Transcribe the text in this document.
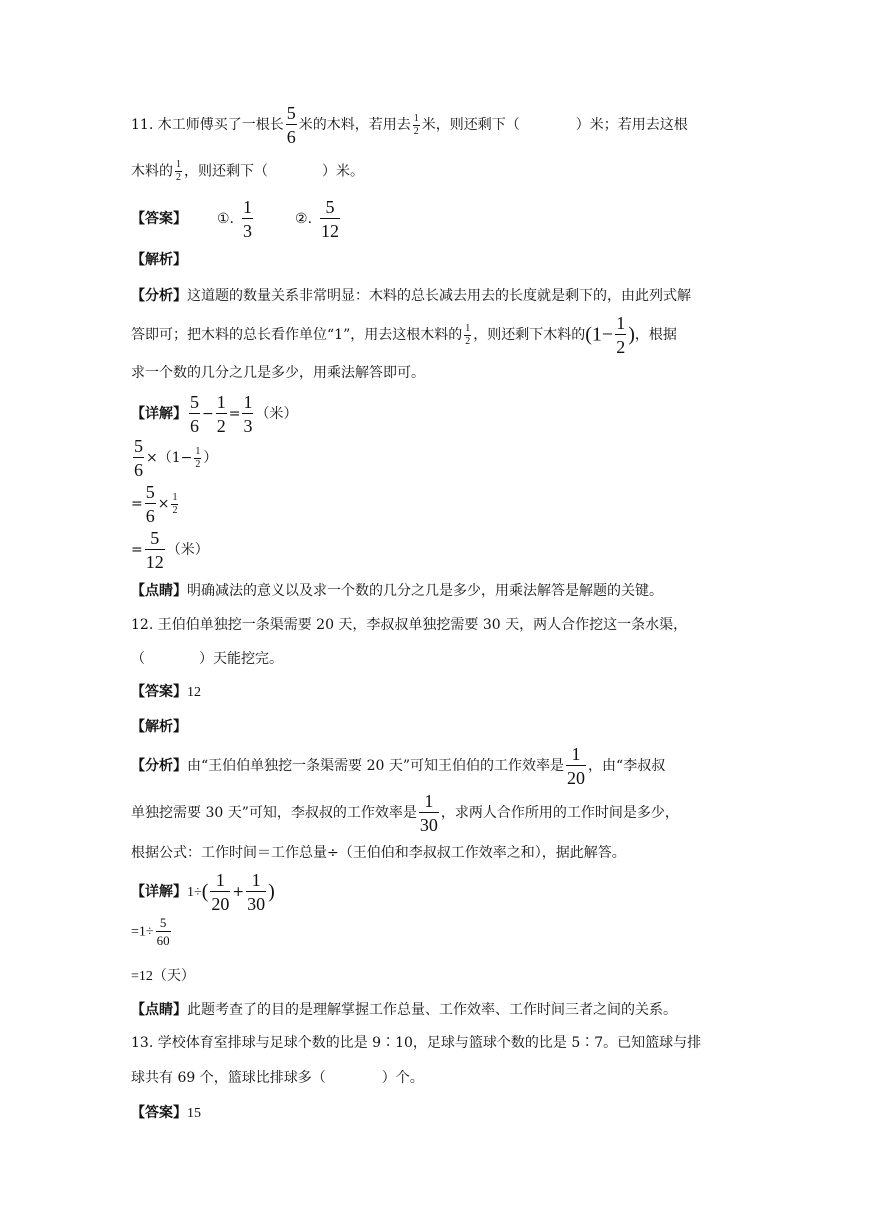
11. 木工师傅买了一根长 $\frac{5}{6}$ 米的木料，若用去 $\frac{1}{2}$ 米，则还剩下（	）米；若用去这根
木料的 $\frac{1}{2}$ ，则还剩下（	）米。
【答案】 ①. $\frac{1}{3}$	②. $\frac{5}{12}$
【解析】
【分析】这道题的数量关系非常明显：木料的总长减去用去的长度就是剩下的，由此列式解
答即可；把木料的总长看作单位“1”，用去这根木料的 $\frac{1}{2}$ ，则还剩下木料的($1- \frac{1}{2}$ )，根据
求一个数的几分之几是多少，用乘法解答即可。
【详解】 $\frac{5}{6} - \frac{1}{2} = \frac{1}{3}$ （米）
$\frac{5}{6} \times(1- \frac{1}{2}$ ）
= $\frac{5}{6} \times \frac{1}{2}$
= $\frac{5}{12}$ （米）
【点睛】明确减法的意义以及求一个数的几分之几是多少，用乘法解答是解题的关键。
12. 王伯伯单独挖一条渠需要 20 天，李叔叔单独挖需要 30 天，两人合作挖这一条水渠，
（	）天能挖完。
【答案】12
【解析】
【分析】由“王伯伯单独挖一条渠需要 20 天”可知王伯伯的工作效率是 $\frac{1}{20}$ ，由“李叔叔
单独挖需要 30 天”可知，李叔叔的工作效率是 $\frac{1}{30}$ ，求两人合作所用的工作时间是多少，
根据公式：工作时间＝工作总量÷（王伯伯和李叔叔工作效率之和），据此解答。
【详解】$1\div( \frac{1}{20} + \frac{1}{30}$ )
$=1\div \frac{5}{60}$
=12（天）
【点睛】此题考查了的目的是理解掌握工作总量、工作效率、工作时间三者之间的关系。
13. 学校体育室排球与足球个数的比是 9∶10，足球与篮球个数的比是 5∶7。已知篮球与排
球共有 69 个，篮球比排球多（	）个。
【答案】15
